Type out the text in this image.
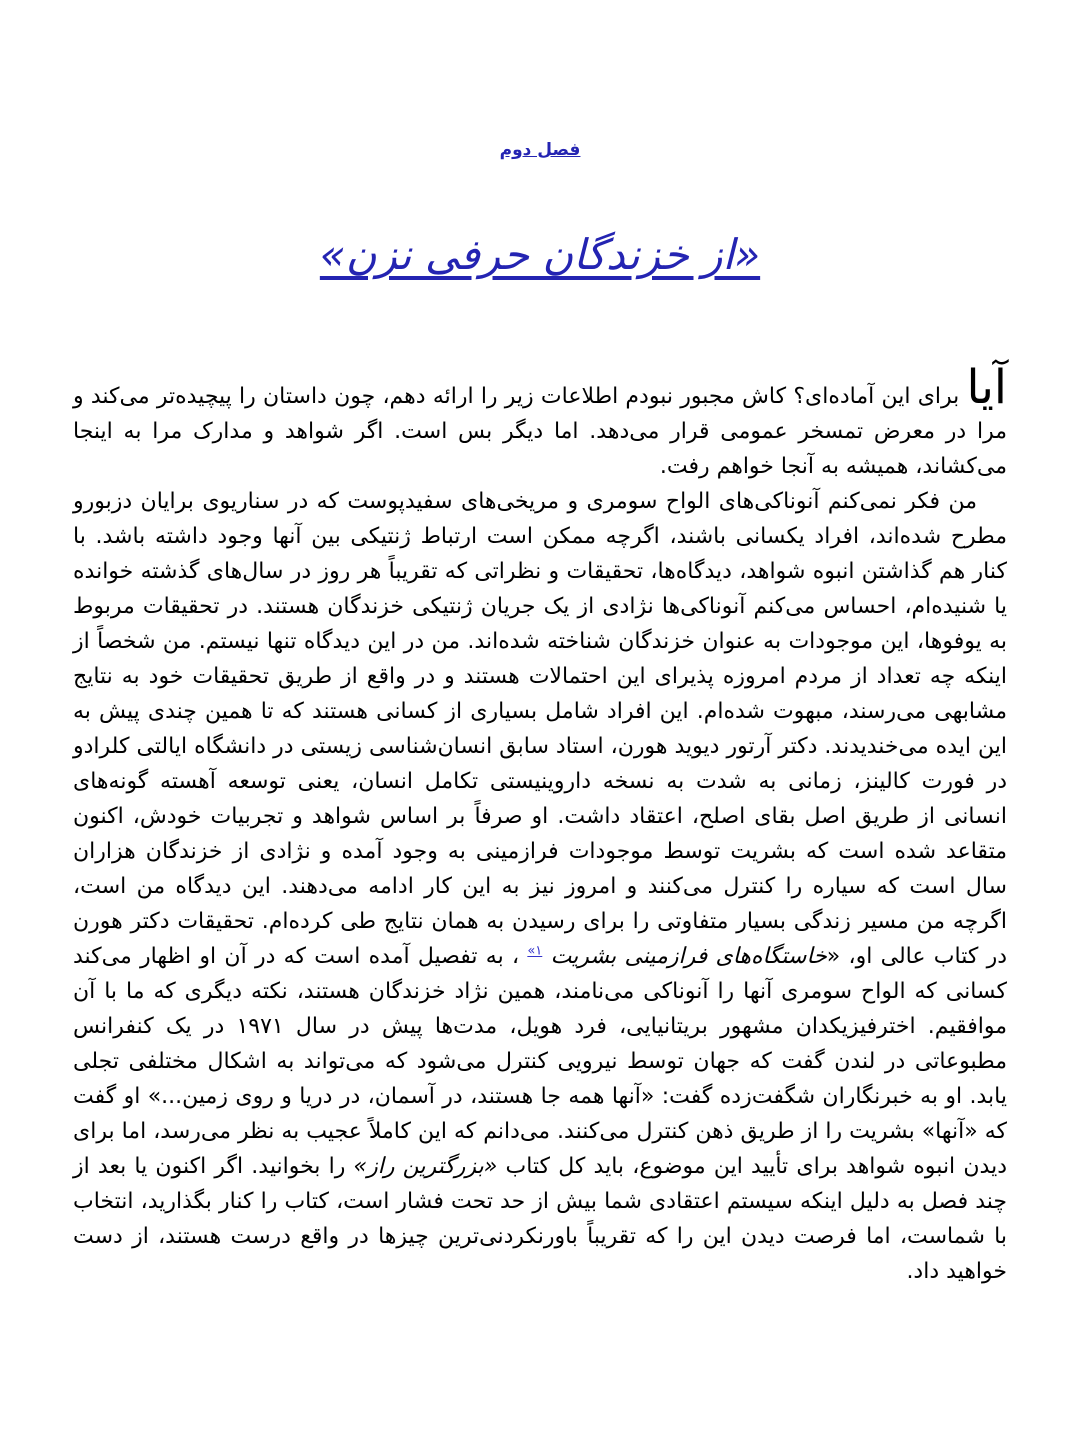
فصل دوم
«از خزندگان حرفی نزن»

آیا برای این آماده‌ای؟ کاش مجبور نبودم اطلاعات زیر را ارائه دهم، چون داستان را پیچیده‌تر می‌کند و مرا در معرض تمسخر عمومی قرار می‌دهد. اما دیگر بس است. اگر شواهد و مدارک مرا به اینجا می‌کشاند، همیشه به آنجا خواهم رفت.

من فکر نمی‌کنم آنوناکی‌های الواح سومری و مریخی‌های سفیدپوست که در سناریوی برایان دزبورو مطرح شده‌اند، افراد یکسانی باشند، اگرچه ممکن است ارتباط ژنتیکی بین آنها وجود داشته باشد. با کنار هم گذاشتن انبوه شواهد، دیدگاه‌ها، تحقیقات و نظراتی که تقریباً هر روز در سال‌های گذشته خوانده یا شنیده‌ام، احساس می‌کنم آنوناکی‌ها نژادی از یک جریان ژنتیکی خزندگان هستند. در تحقیقات مربوط به یوفوها، این موجودات به عنوان خزندگان شناخته شده‌اند. من در این دیدگاه تنها نیستم. من شخصاً از اینکه چه تعداد از مردم امروزه پذیرای این احتمالات هستند و در واقع از طریق تحقیقات خود به نتایج مشابهی می‌رسند، مبهوت شده‌ام. این افراد شامل بسیاری از کسانی هستند که تا همین چندی پیش به این ایده می‌خندیدند. دکتر آرتور دیوید هورن، استاد سابق انسان‌شناسی زیستی در دانشگاه ایالتی کلرادو در فورت کالینز، زمانی به شدت به نسخه داروینیستی تکامل انسان، یعنی توسعه آهسته گونه‌های انسانی از طریق اصل بقای اصلح، اعتقاد داشت. او صرفاً بر اساس شواهد و تجربیات خودش، اکنون متقاعد شده است که بشریت توسط موجودات فرازمینی به وجود آمده و نژادی از خزندگان هزاران سال است که سیاره را کنترل می‌کنند و امروز نیز به این کار ادامه می‌دهند. این دیدگاه من است، اگرچه من مسیر زندگی بسیار متفاوتی را برای رسیدن به همان نتایج طی کرده‌ام. تحقیقات دکتر هورن در کتاب عالی او، «خاستگاه‌های فرازمینی بشریت $^{«۱}$ ، به تفصیل آمده است که در آن او اظهار می‌کند کسانی که الواح سومری آنها را آنوناکی می‌نامند، همین نژاد خزندگان هستند، نکته دیگری که ما با آن موافقیم. اخترفیزیکدان مشهور بریتانیایی، فرد هویل، مدت‌ها پیش در سال ۱۹۷۱ در یک کنفرانس مطبوعاتی در لندن گفت که جهان توسط نیرویی کنترل می‌شود که می‌تواند به اشکال مختلفی تجلی یابد. او به خبرنگاران شگفت‌زده گفت: «آنها همه جا هستند، در آسمان، در دریا و روی زمین...» او گفت که «آنها» بشریت را از طریق ذهن کنترل می‌کنند. می‌دانم که این کاملاً عجیب به نظر می‌رسد، اما برای دیدن انبوه شواهد برای تأیید این موضوع، باید کل کتاب «بزرگترین راز» را بخوانید. اگر اکنون یا بعد از چند فصل به دلیل اینکه سیستم اعتقادی شما بیش از حد تحت فشار است، کتاب را کنار بگذارید، انتخاب با شماست، اما فرصت دیدن این را که تقریباً باورنکردنی‌ترین چیزها در واقع درست هستند، از دست خواهید داد.
